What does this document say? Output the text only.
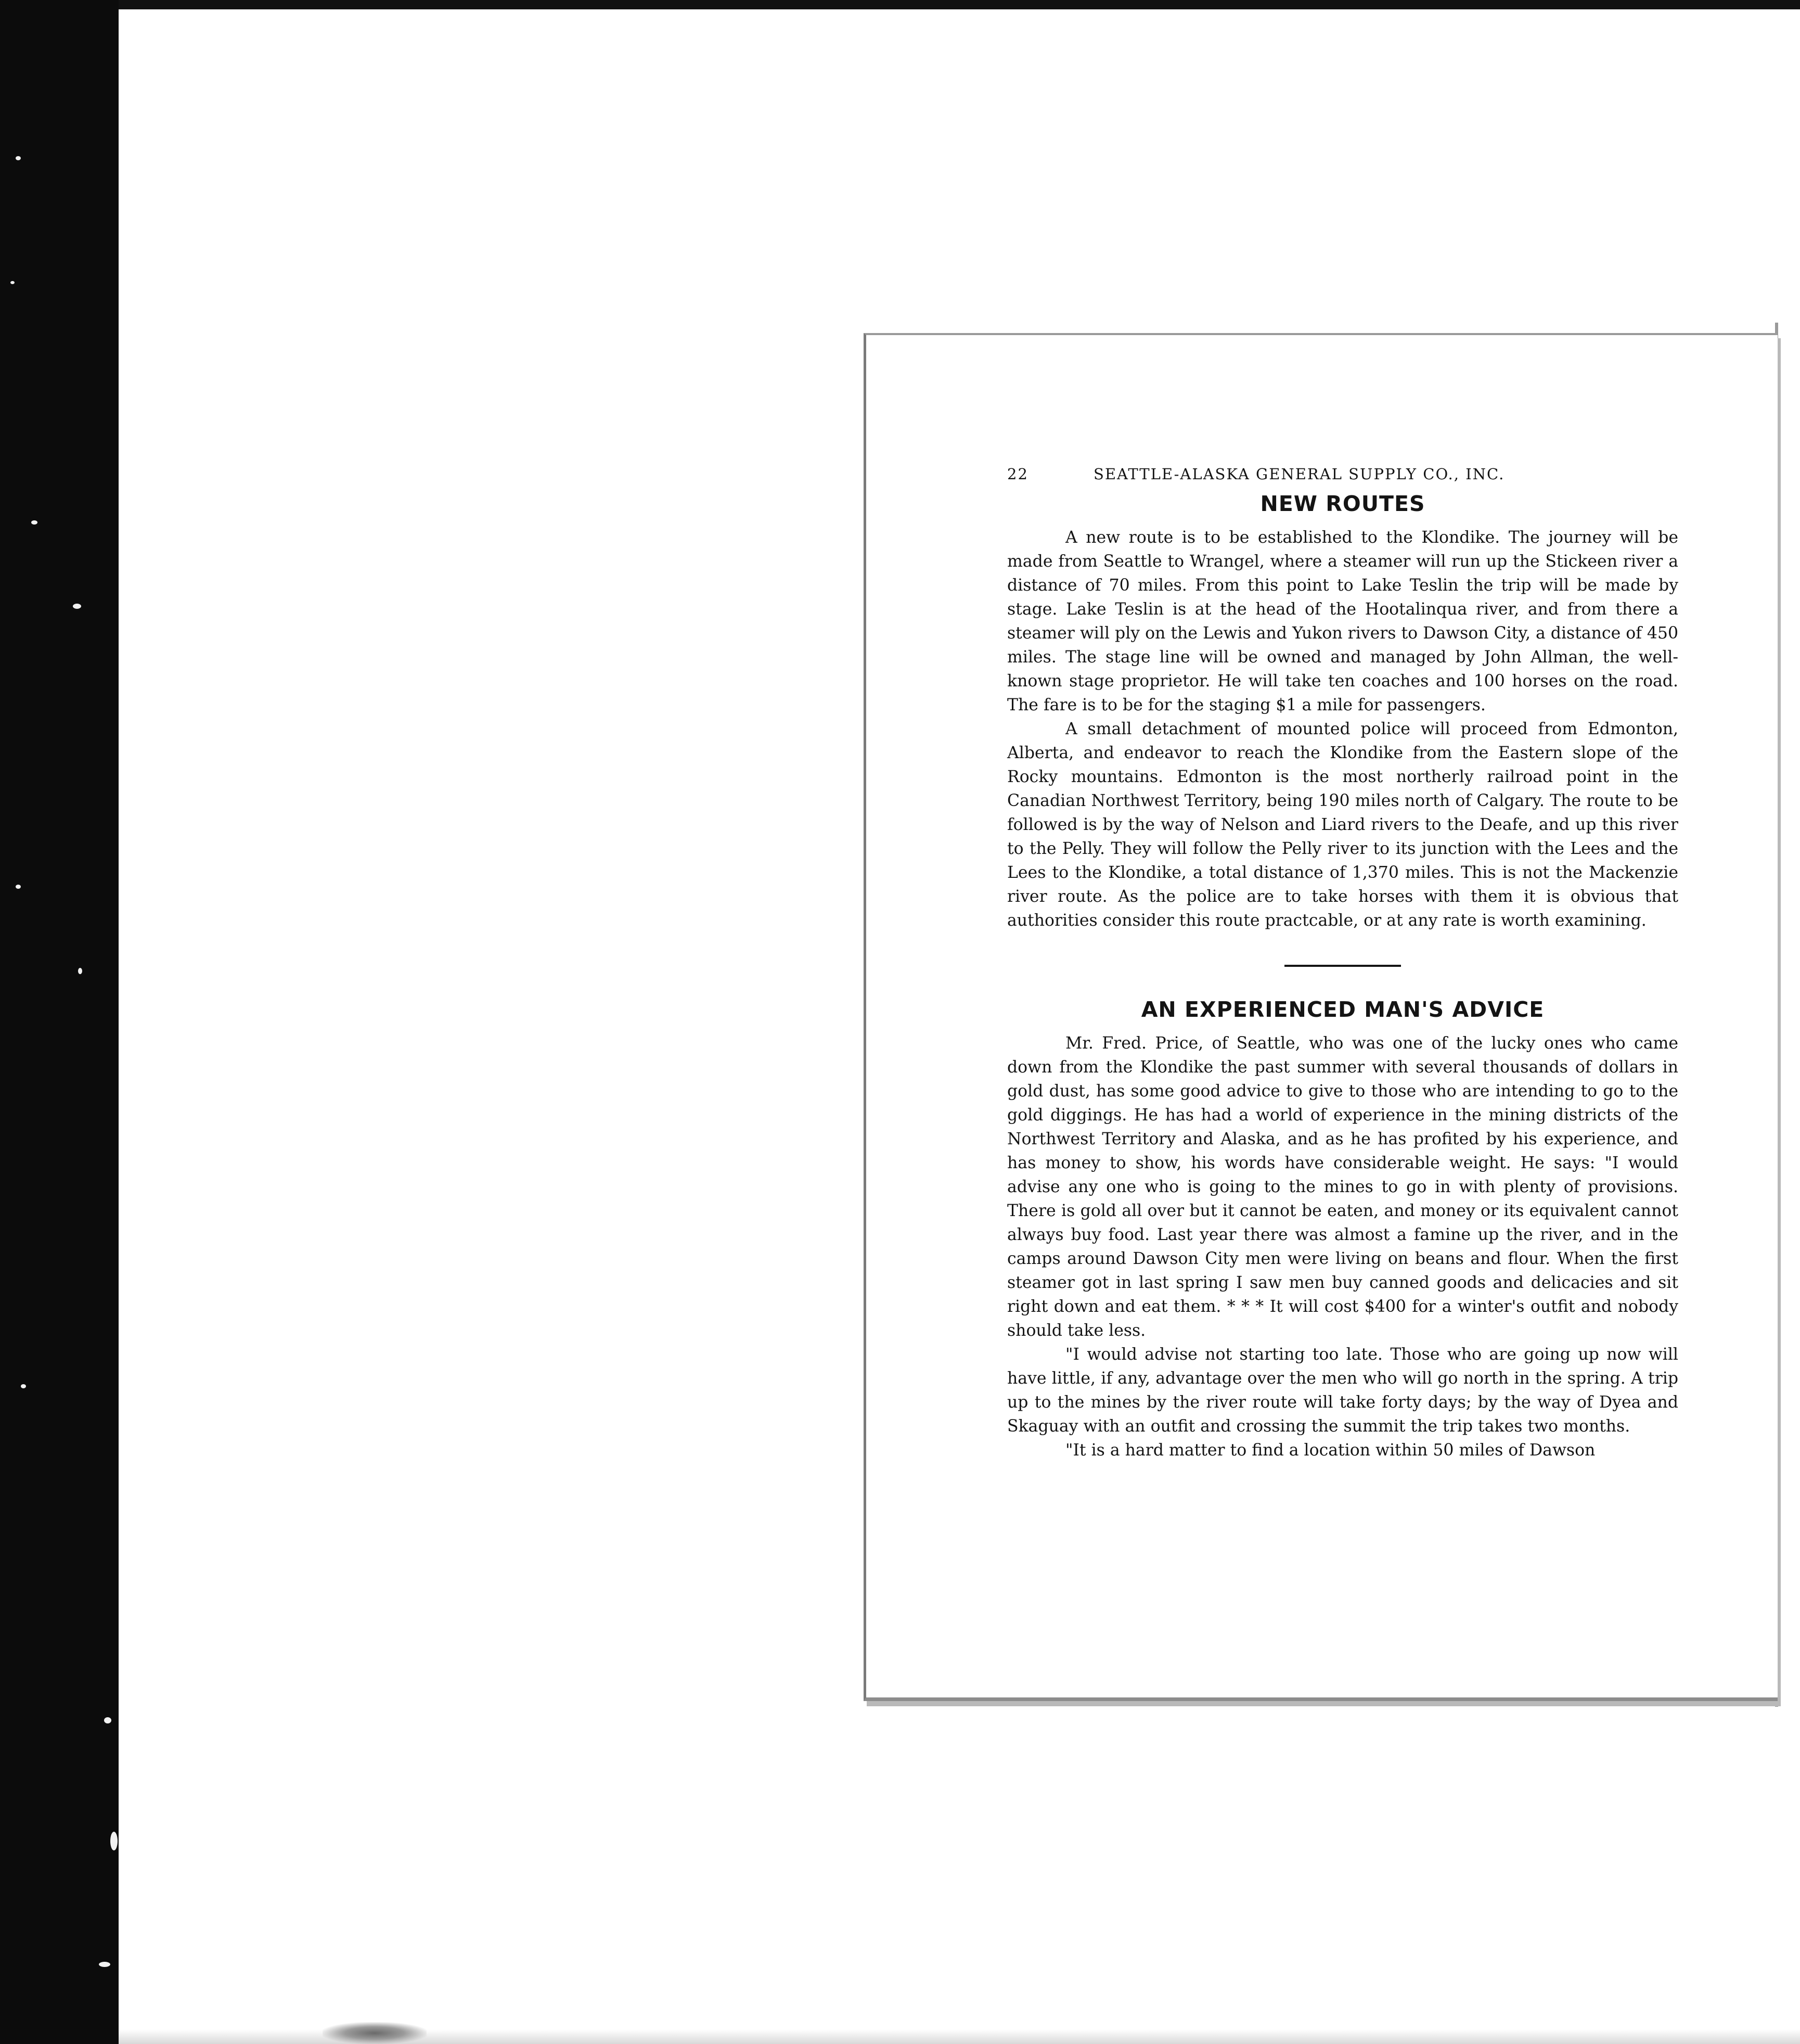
22	SEATTLE-ALASKA GENERAL SUPPLY CO., INC.
NEW ROUTES

A new route is to be established to the Klondike. The journey will be made from Seattle to Wrangel, where a steamer will run up the Stickeen river a distance of 70 miles. From this point to Lake Teslin the trip will be made by stage. Lake Teslin is at the head of the Hootalinqua river, and from there a steamer will ply on the Lewis and Yukon rivers to Dawson City, a distance of 450 miles. The stage line will be owned and managed by John Allman, the well-known stage proprietor. He will take ten coaches and 100 horses on the road. The fare is to be for the staging $1 a mile for passengers.

A small detachment of mounted police will proceed from Edmonton, Alberta, and endeavor to reach the Klondike from the Eastern slope of the Rocky mountains. Edmonton is the most northerly railroad point in the Canadian Northwest Territory, being 190 miles north of Calgary. The route to be followed is by the way of Nelson and Liard rivers to the Deafe, and up this river to the Pelly. They will follow the Pelly river to its junction with the Lees and the Lees to the Klondike, a total distance of 1,370 miles. This is not the Mackenzie river route. As the police are to take horses with them it is obvious that authorities consider this route practcable, or at any rate is worth examining.

AN EXPERIENCED MAN'S ADVICE

Mr. Fred. Price, of Seattle, who was one of the lucky ones who came down from the Klondike the past summer with several thousands of dollars in gold dust, has some good advice to give to those who are intending to go to the gold diggings. He has had a world of experience in the mining districts of the Northwest Territory and Alaska, and as he has profited by his experience, and has money to show, his words have considerable weight. He says: "I would advise any one who is going to the mines to go in with plenty of provisions. There is gold all over but it cannot be eaten, and money or its equivalent cannot always buy food. Last year there was almost a famine up the river, and in the camps around Dawson City men were living on beans and flour. When the first steamer got in last spring I saw men buy canned goods and delicacies and sit right down and eat them. * * * It will cost $400 for a winter's outfit and nobody should take less.

"I would advise not starting too late. Those who are going up now will have little, if any, advantage over the men who will go north in the spring. A trip up to the mines by the river route will take forty days; by the way of Dyea and Skaguay with an outfit and crossing the summit the trip takes two months.

"It is a hard matter to find a location within 50 miles of Dawson
